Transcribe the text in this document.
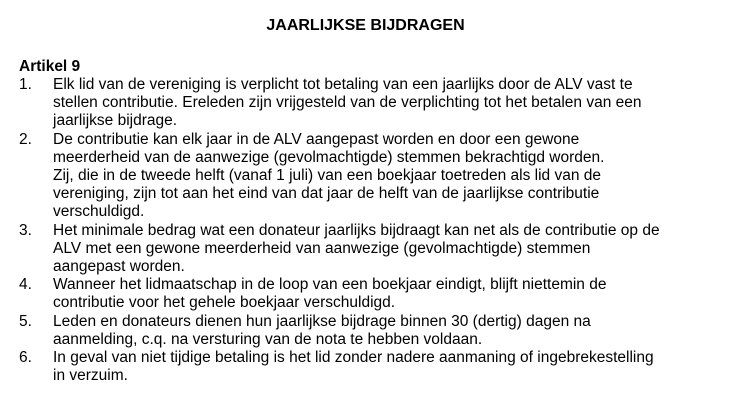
JAARLIJKSE BIJDRAGEN
Artikel 9
1.	Elk lid van de vereniging is verplicht tot betaling van een jaarlijks door de ALV vast te
stellen contributie. Ereleden zijn vrijgesteld van de verplichting tot het betalen van een
jaarlijkse bijdrage.
2.	De contributie kan elk jaar in de ALV aangepast worden en door een gewone
meerderheid van de aanwezige (gevolmachtigde) stemmen bekrachtigd worden.
Zij, die in de tweede helft (vanaf 1 juli) van een boekjaar toetreden als lid van de
vereniging, zijn tot aan het eind van dat jaar de helft van de jaarlijkse contributie
verschuldigd.
3.	Het minimale bedrag wat een donateur jaarlijks bijdraagt kan net als de contributie op de
ALV met een gewone meerderheid van aanwezige (gevolmachtigde) stemmen
aangepast worden.
4.	Wanneer het lidmaatschap in de loop van een boekjaar eindigt, blijft niettemin de
contributie voor het gehele boekjaar verschuldigd.
5.	Leden en donateurs dienen hun jaarlijkse bijdrage binnen 30 (dertig) dagen na
aanmelding, c.q. na versturing van de nota te hebben voldaan.
6.	In geval van niet tijdige betaling is het lid zonder nadere aanmaning of ingebrekestelling
in verzuim.
